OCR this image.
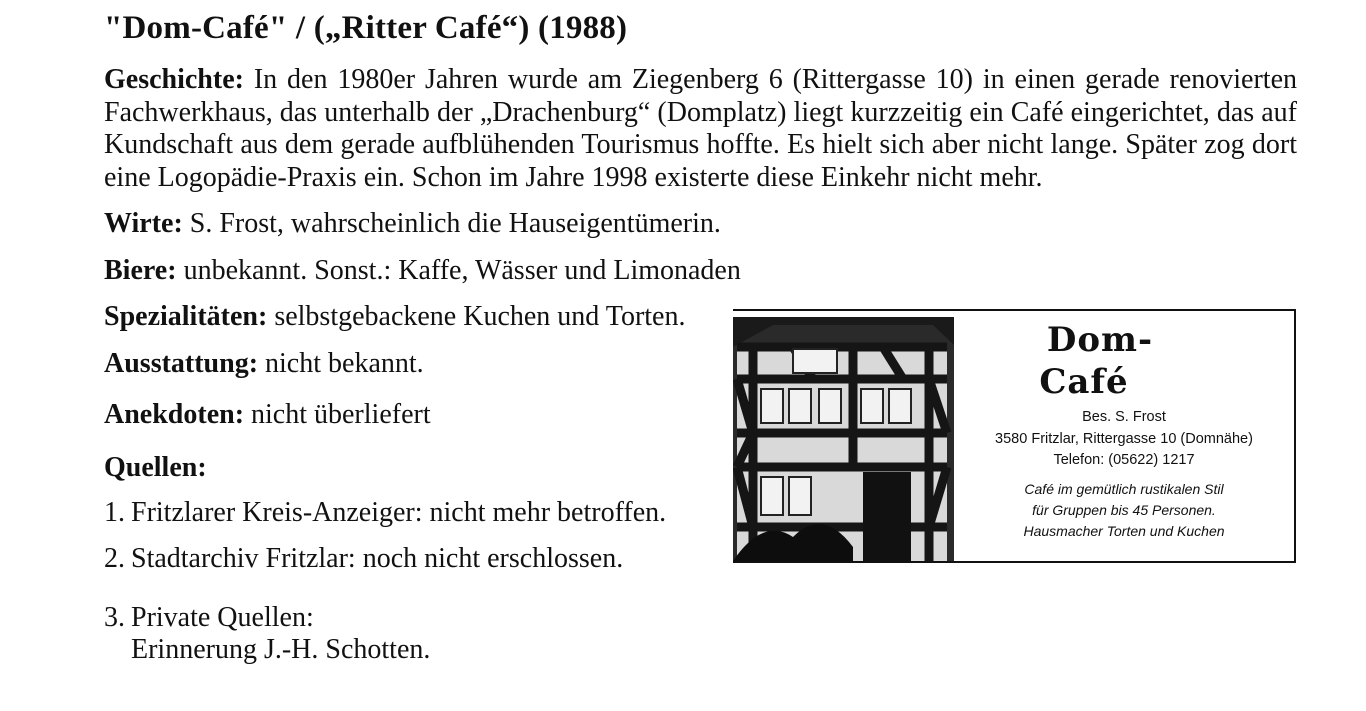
"Dom-Café" / („Ritter Café“) (1988)
Geschichte: In den 1980er Jahren wurde am Ziegenberg 6 (Rittergasse 10) in einen gerade renovierten Fachwerkhaus, das unterhalb der „Drachenburg“ (Domplatz) liegt kurzzeitig ein Café eingerichtet, das auf Kundschaft aus dem gerade aufblühenden Tourismus hoffte. Es hielt sich aber nicht lange. Später zog dort eine Logopädie-Praxis ein. Schon im Jahre 1998 existerte diese Einkehr nicht mehr.
Wirte: S. Frost, wahrscheinlich die Hauseigentümerin.
Biere: unbekannt. Sonst.: Kaffe, Wässer und Limonaden
Spezialitäten: selbstgebackene Kuchen und Torten.
Ausstattung: nicht bekannt.
Anekdoten: nicht überliefert
Quellen:
1. Fritzlarer Kreis-Anzeiger: nicht mehr betroffen.
2. Stadtarchiv Fritzlar: noch nicht erschlossen.
3. Private Quellen:
Erinnerung J.-H. Schotten.
Dom-
Café
Bes. S. Frost
3580 Fritzlar, Rittergasse 10 (Domnähe)
Telefon: (05622) 1217
Café im gemütlich rustikalen Stil
für Gruppen bis 45 Personen.
Hausmacher Torten und Kuchen
